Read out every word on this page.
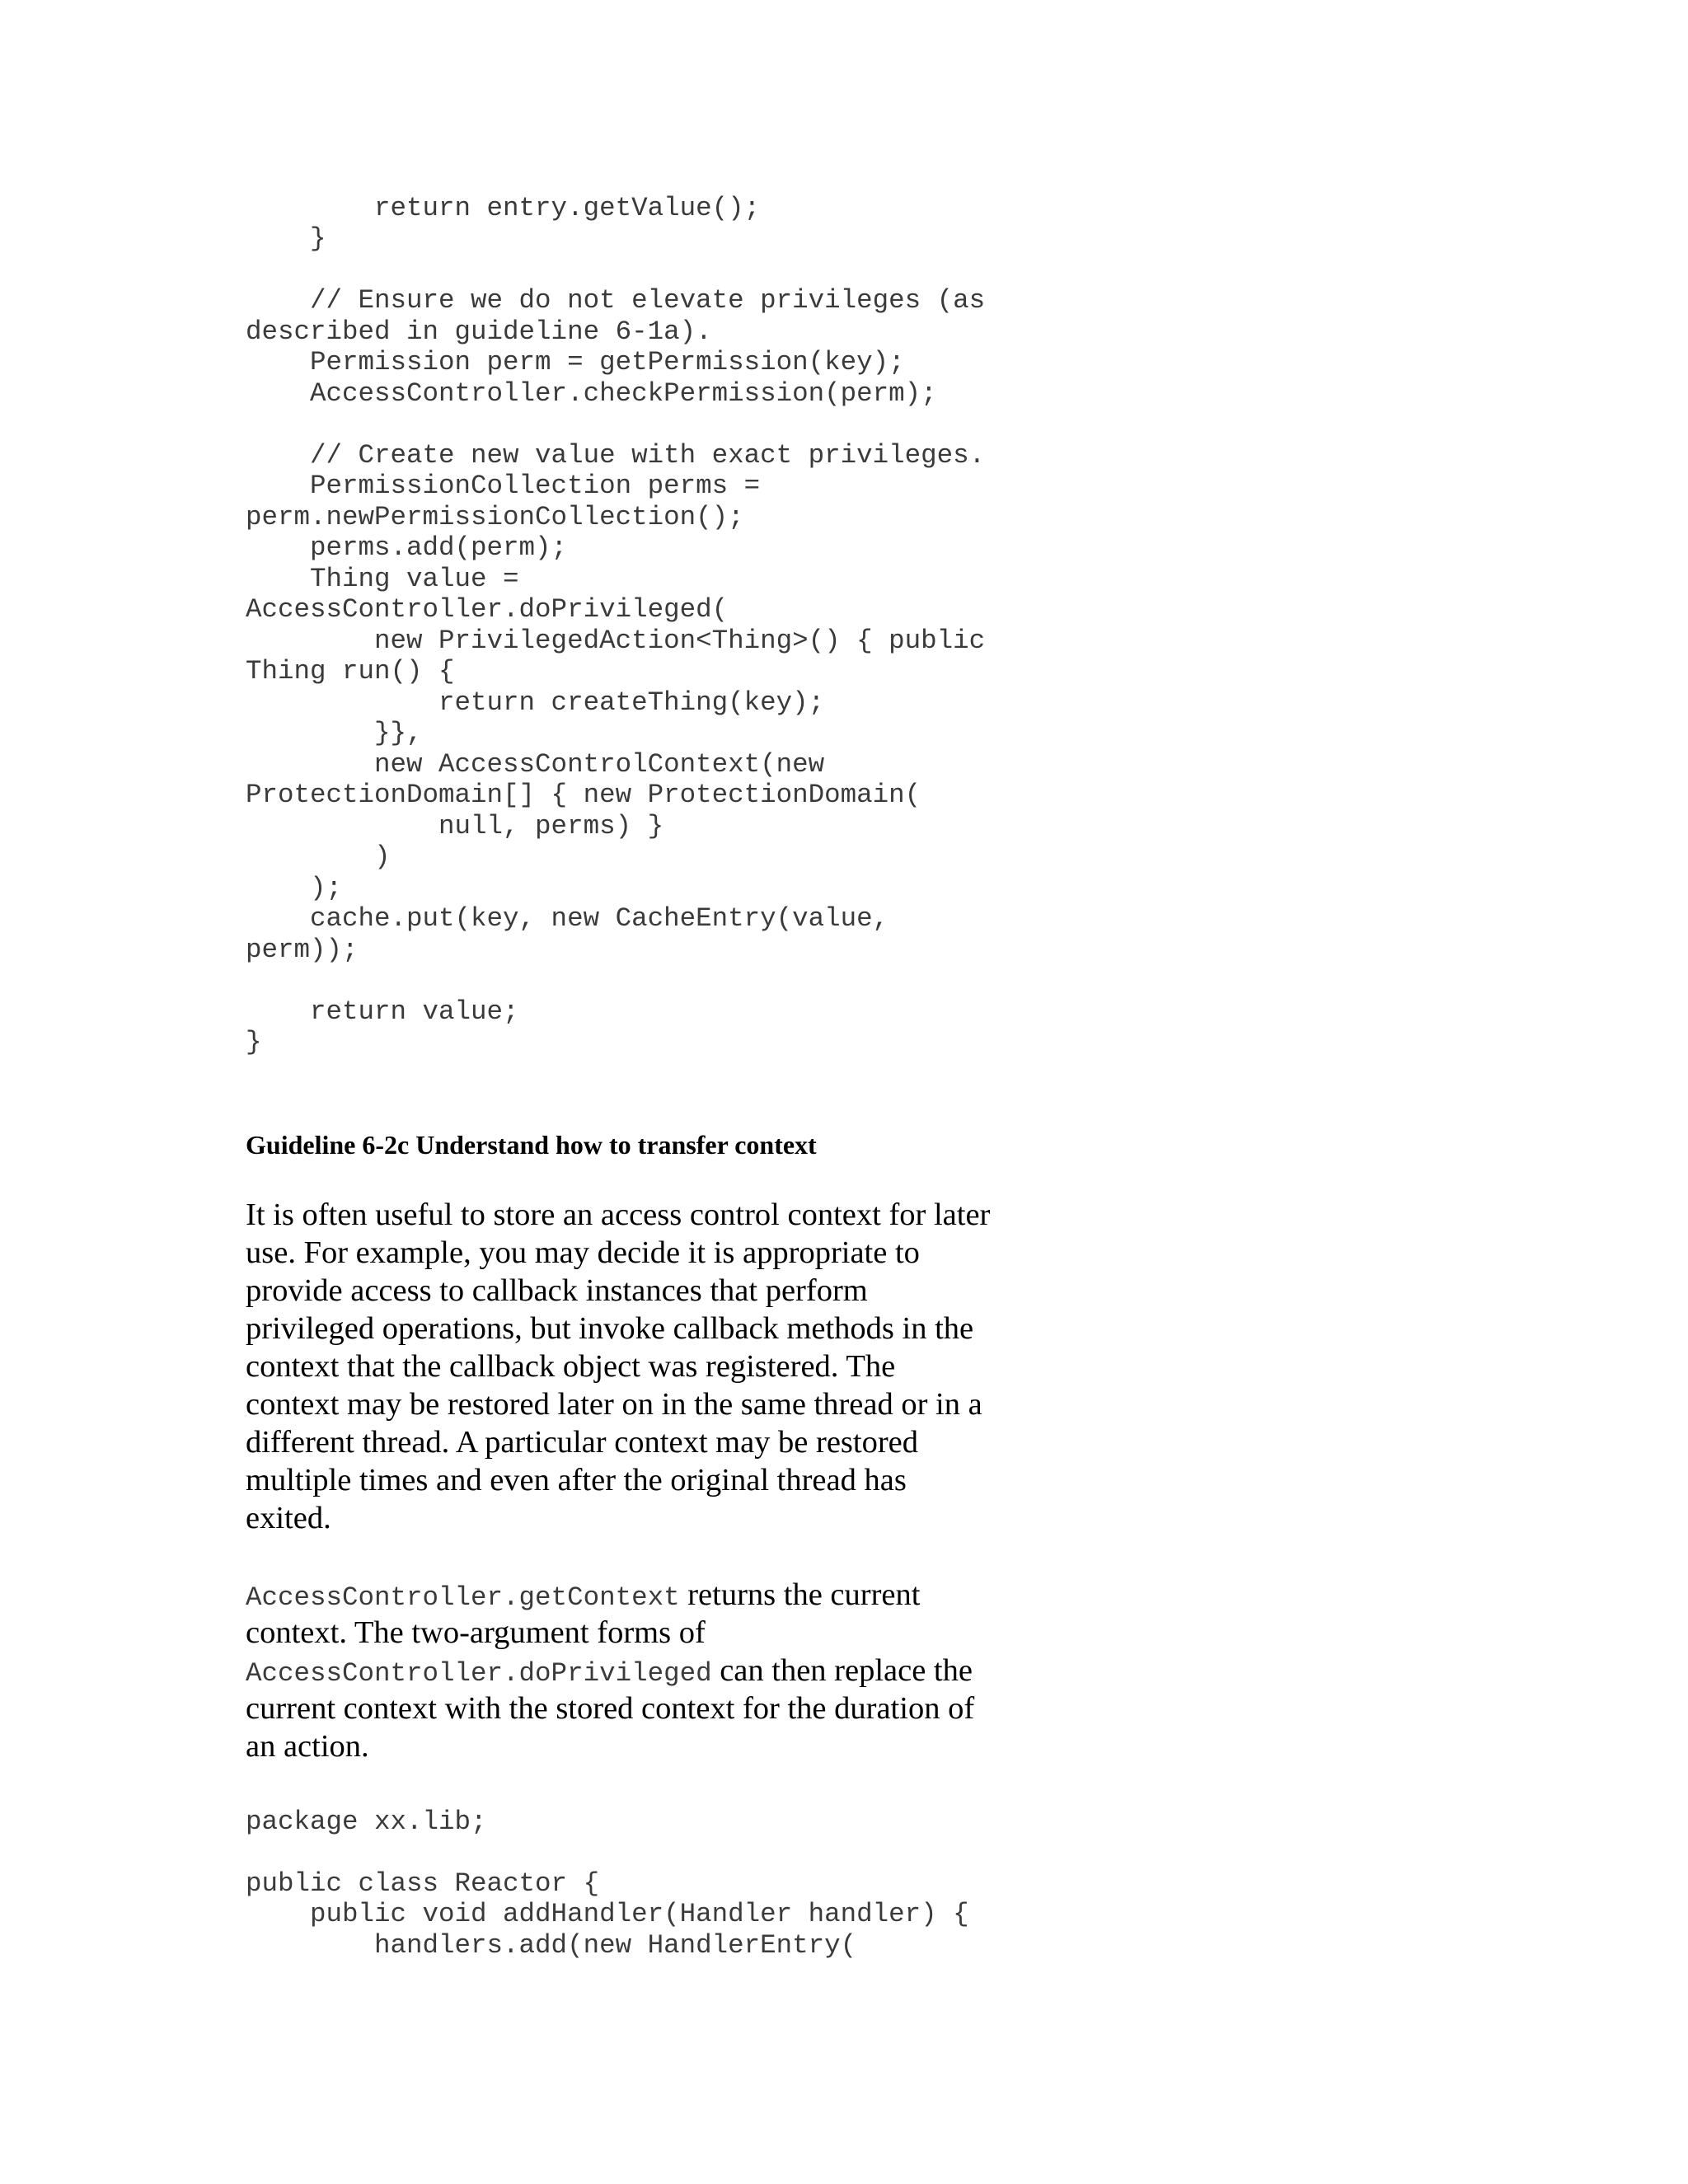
return entry.getValue();
}
// Ensure we do not elevate privileges (as
described in guideline 6-1a).
Permission perm = getPermission(key);
AccessController.checkPermission(perm);
// Create new value with exact privileges.
PermissionCollection perms =
perm.newPermissionCollection();
perms.add(perm);
Thing value =
AccessController.doPrivileged(
new PrivilegedAction<Thing>() { public
Thing run() {
return createThing(key);
}},
new AccessControlContext(new
ProtectionDomain[] { new ProtectionDomain(
null, perms) }
)
);
cache.put(key, new CacheEntry(value,
perm));
return value;
}
Guideline 6-2c Understand how to transfer context

It is often useful to store an access control context for later

use. For example, you may decide it is appropriate to

provide access to callback instances that perform

privileged operations, but invoke callback methods in the

context that the callback object was registered. The

context may be restored later on in the same thread or in a

different thread. A particular context may be restored

multiple times and even after the original thread has

exited.

AccessController.getContext returns the current

context. The two-argument forms of

AccessController.doPrivileged can then replace the

current context with the stored context for the duration of

an action.

package xx.lib;
public class Reactor {
public void addHandler(Handler handler) {
handlers.add(new HandlerEntry(
